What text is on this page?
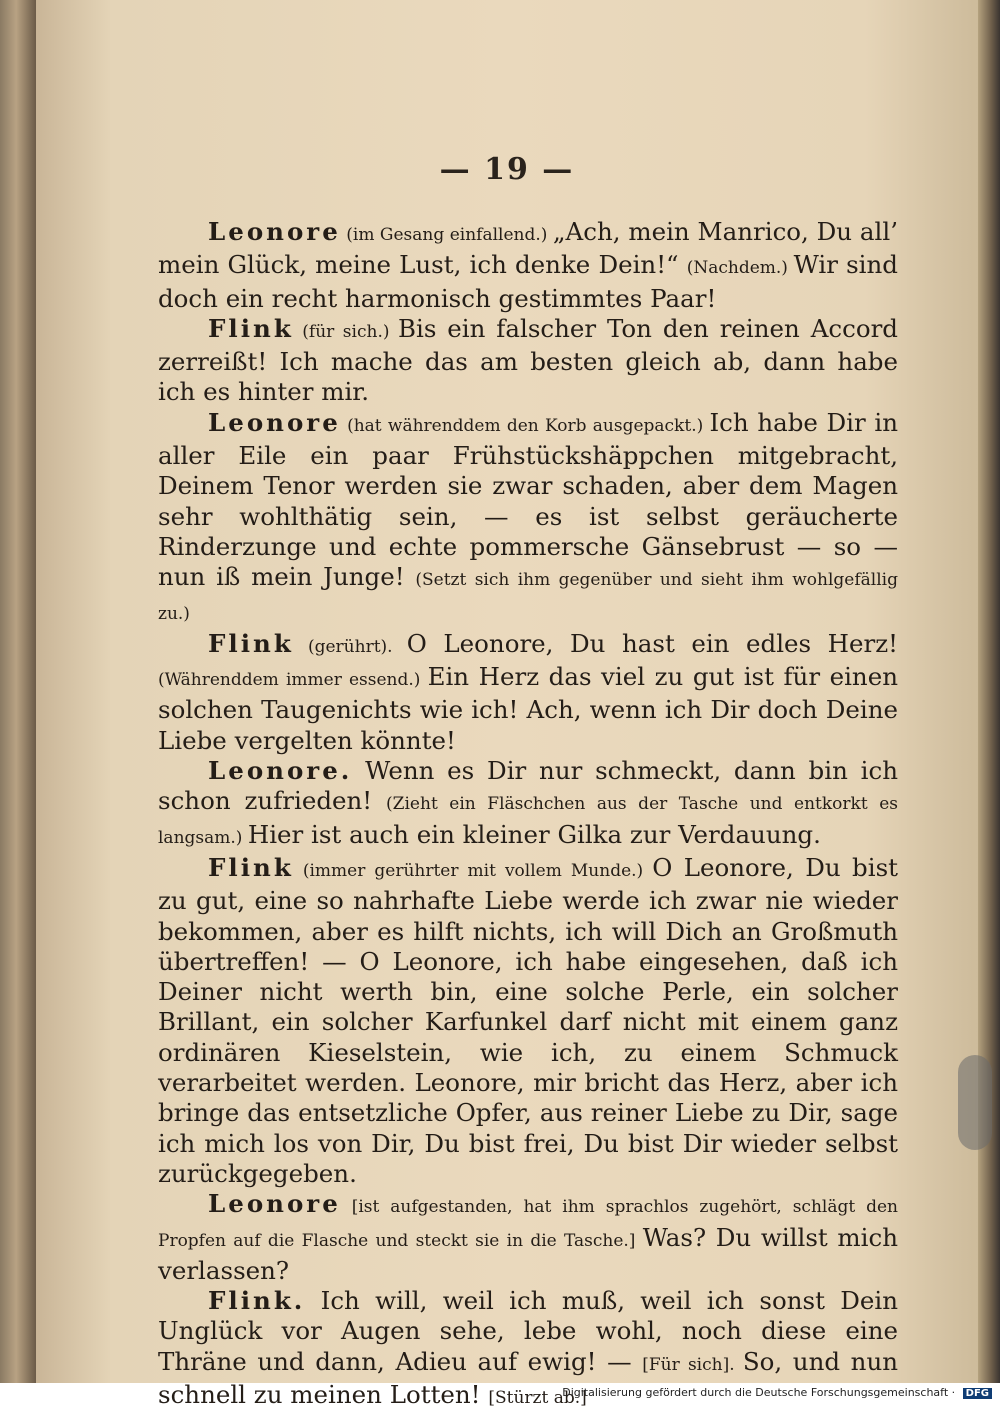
— 19 —

Leonore (im Gesang einfallend.) „Ach, mein Manrico, Du all’ mein Glück, meine Lust, ich denke Dein!“ (Nachdem.) Wir sind doch ein recht harmonisch gestimmtes Paar!

Flink (für sich.) Bis ein falscher Ton den reinen Accord zerreißt! Ich mache das am besten gleich ab, dann habe ich es hinter mir.

Leonore (hat währenddem den Korb ausgepackt.) Ich habe Dir in aller Eile ein paar Frühstückshäppchen mitgebracht, Deinem Tenor werden sie zwar schaden, aber dem Magen sehr wohlthätig sein, — es ist selbst geräucherte Rinderzunge und echte pommersche Gänsebrust — so — nun iß mein Junge! (Setzt sich ihm gegenüber und sieht ihm wohlgefällig zu.)

Flink (gerührt). O Leonore, Du hast ein edles Herz! (Währenddem immer essend.) Ein Herz das viel zu gut ist für einen solchen Taugenichts wie ich! Ach, wenn ich Dir doch Deine Liebe vergelten könnte!

Leonore. Wenn es Dir nur schmeckt, dann bin ich schon zufrieden! (Zieht ein Fläschchen aus der Tasche und entkorkt es langsam.) Hier ist auch ein kleiner Gilka zur Verdauung.

Flink (immer gerührter mit vollem Munde.) O Leonore, Du bist zu gut, eine so nahrhafte Liebe werde ich zwar nie wieder bekommen, aber es hilft nichts, ich will Dich an Großmuth übertreffen! — O Leonore, ich habe eingesehen, daß ich Deiner nicht werth bin, eine solche Perle, ein solcher Brillant, ein solcher Karfunkel darf nicht mit einem ganz ordinären Kieselstein, wie ich, zu einem Schmuck verarbeitet werden. Leonore, mir bricht das Herz, aber ich bringe das entsetzliche Opfer, aus reiner Liebe zu Dir, sage ich mich los von Dir, Du bist frei, Du bist Dir wieder selbst zurückgegeben.

Leonore [ist aufgestanden, hat ihm sprachlos zugehört, schlägt den Propfen auf die Flasche und steckt sie in die Tasche.] Was? Du willst mich verlassen?

Flink. Ich will, weil ich muß, weil ich sonst Dein Unglück vor Augen sehe, lebe wohl, noch diese eine Thräne und dann, Adieu auf ewig! — [Für sich]. So, und nun schnell zu meinen Lotten! [Stürzt ab.]

Digitalisierung gefördert durch die Deutsche Forschungsgemeinschaft · DFG
